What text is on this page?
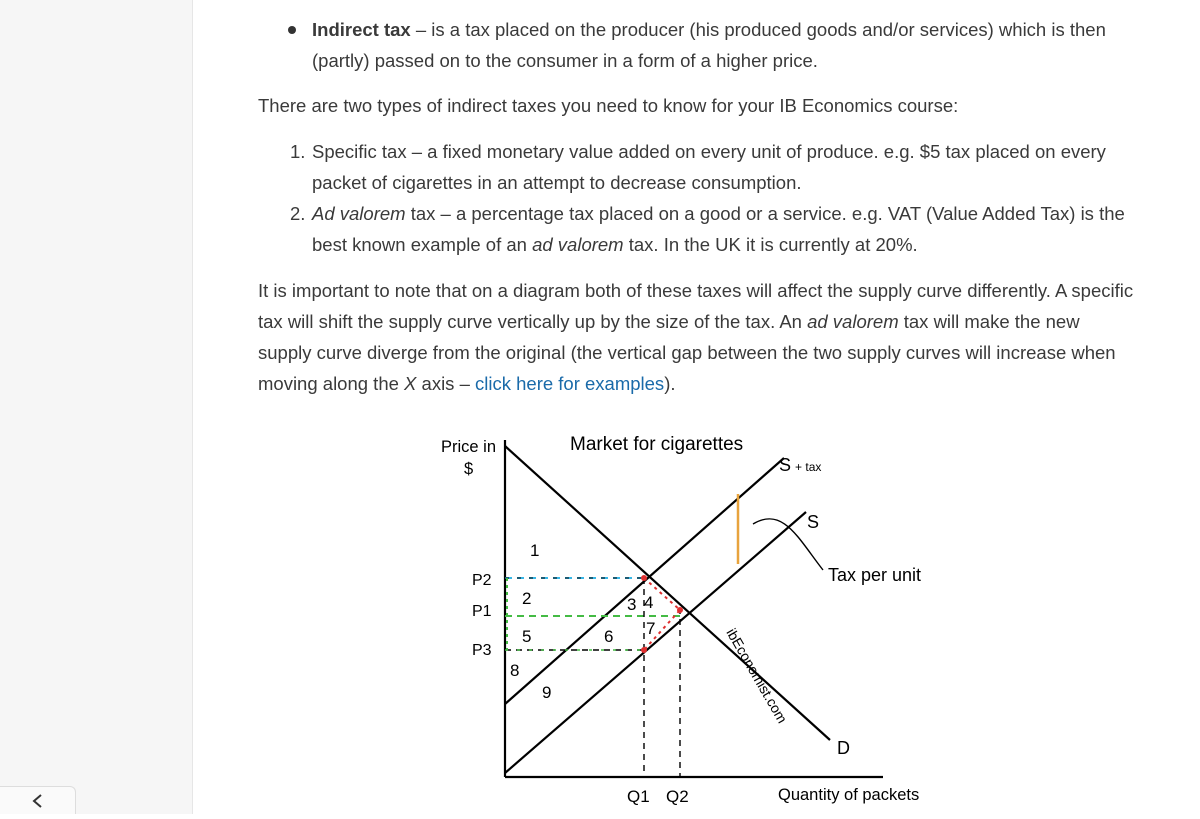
Indirect tax – is a tax placed on the producer (his produced goods and/or services) which is then (partly) passed on to the consumer in a form of a higher price.

There are two types of indirect taxes you need to know for your IB Economics course:

1. Specific tax – a fixed monetary value added on every unit of produce. e.g. $5 tax placed on every packet of cigarettes in an attempt to decrease consumption.
2. Ad valorem tax – a percentage tax placed on a good or a service. e.g. VAT (Value Added Tax) is the best known example of an ad valorem tax. In the UK it is currently at 20%.

It is important to note that on a diagram both of these taxes will affect the supply curve differently. A specific tax will shift the supply curve vertically up by the size of the tax. An ad valorem tax will make the new supply curve diverge from the original (the vertical gap between the two supply curves will increase when moving along the X axis – click here for examples).

1
2	3 4
5	6 7
8
9
Price in
$
Market for cigarettes
Quantity of packets
P2
P1
P3
Q1 Q2
S + tax
S
D
Tax per unit
ibEconomist.com
